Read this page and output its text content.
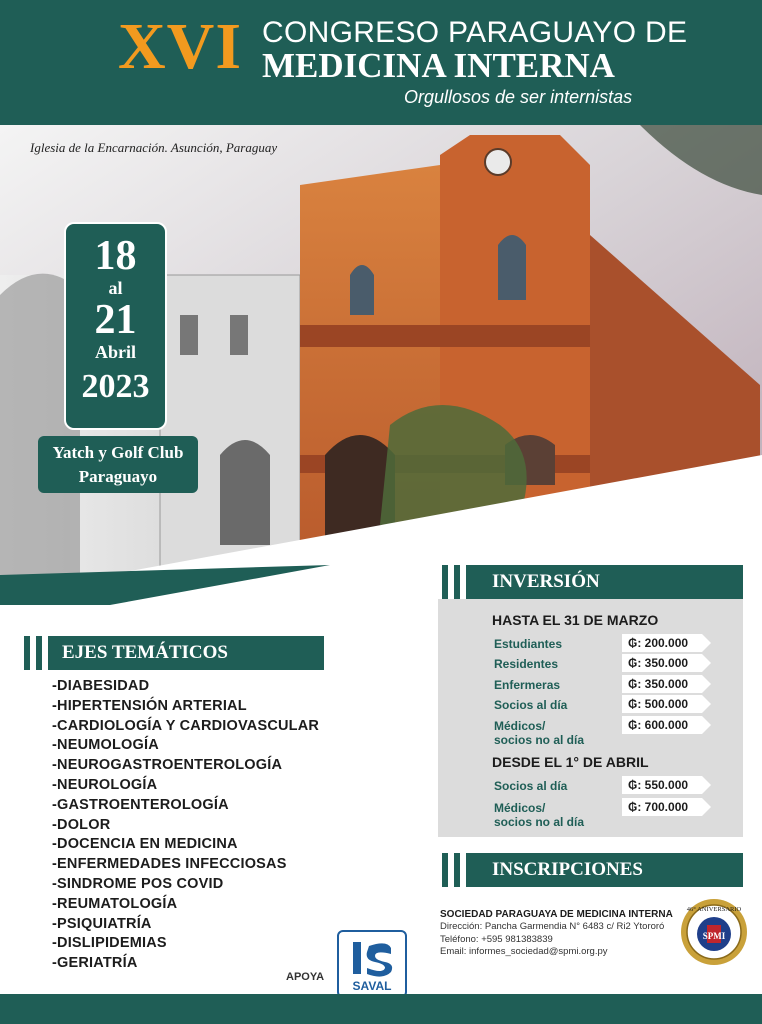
XVI CONGRESO PARAGUAYO DE
MEDICINA INTERNA
Orgullosos de ser internistas
Iglesia de la Encarnación. Asunción, Paraguay
18
al
21
Abril
2023
Yatch y Golf Club
Paraguayo
EJES TEMÁTICOS
-DIABESIDAD
-HIPERTENSIÓN ARTERIAL
-CARDIOLOGÍA Y CARDIOVASCULAR
-NEUMOLOGÍA
-NEUROGASTROENTEROLOGÍA
-NEUROLOGÍA
-GASTROENTEROLOGÍA
-DOLOR
-DOCENCIA EN MEDICINA
-ENFERMEDADES INFECCIOSAS
-SINDROME POS COVID
-REUMATOLOGÍA
-PSIQUIATRÍA
-DISLIPIDEMIAS
-GERIATRÍA
INVERSIÓN
HASTA EL 31 DE MARZO
Estudiantes	₲: 200.000
Residentes	₲: 350.000
Enfermeras	₲: 350.000
Socios al día	₲: 500.000
Médicos/
socios no al día
₲: 600.000
DESDE EL 1° DE ABRIL
Socios al día	₲: 550.000
Médicos/
socios no al día
₲: 700.000
INSCRIPCIONES
SOCIEDAD PARAGUAYA DE MEDICINA INTERNA
Dirección: Pancha Garmendia N° 6483 c/ Ri2 Ytororó
Teléfono: +595 981383839
Email: informes_sociedad@spmi.org.py
SPMI
46° ANIVERSARIO
APOYA
SAVAL
